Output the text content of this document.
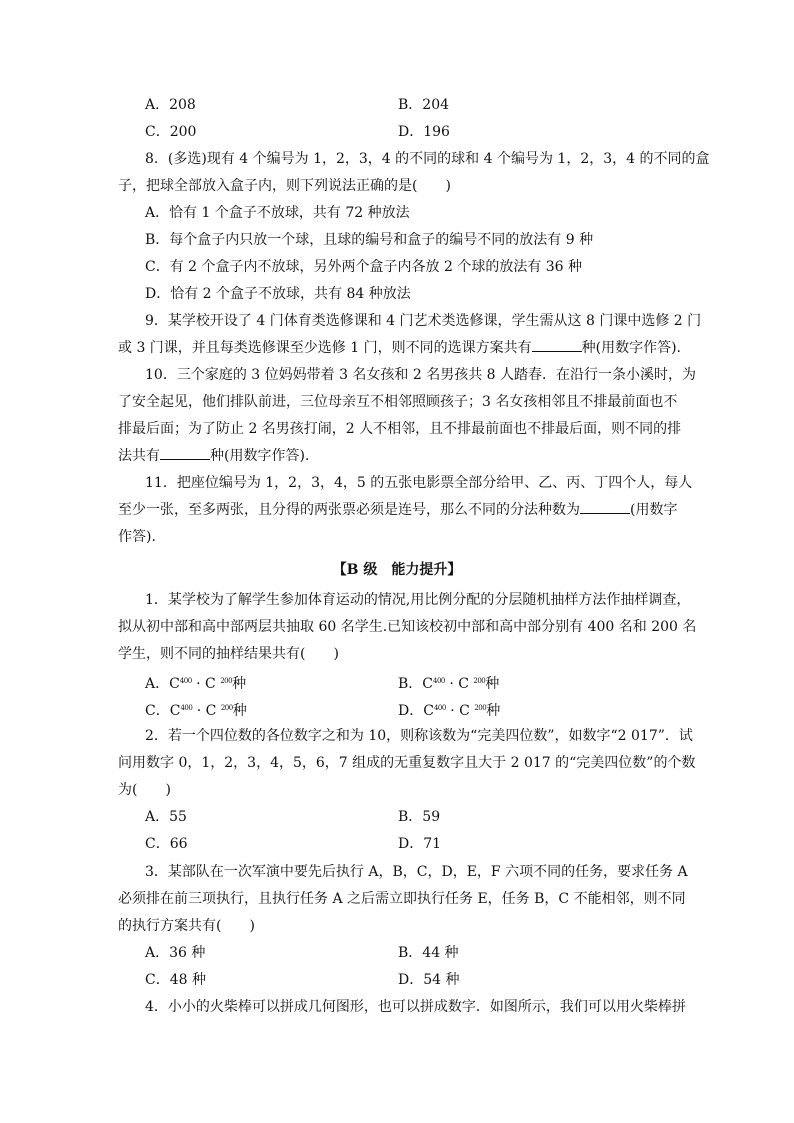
A．208	B．204
C．200	D．196
8．(多选)现有 4 个编号为 1，2，3，4 的不同的球和 4 个编号为 1，2，3，4 的不同的盒
子，把球全部放入盒子内，则下列说法正确的是(　　)
A．恰有 1 个盒子不放球，共有 72 种放法
B．每个盒子内只放一个球，且球的编号和盒子的编号不同的放法有 9 种
C．有 2 个盒子内不放球，另外两个盒子内各放 2 个球的放法有 36 种
D．恰有 2 个盒子不放球，共有 84 种放法
9．某学校开设了 4 门体育类选修课和 4 门艺术类选修课，学生需从这 8 门课中选修 2 门
或 3 门课，并且每类选修课至少选修 1 门，则不同的选课方案共有	种(用数字作答).
10．三个家庭的 3 位妈妈带着 3 名女孩和 2 名男孩共 8 人踏春．在沿行一条小溪时，为
了安全起见，他们排队前进，三位母亲互不相邻照顾孩子；3 名女孩相邻且不排最前面也不
排最后面；为了防止 2 名男孩打闹，2 人不相邻，且不排最前面也不排最后面，则不同的排
法共有	种(用数字作答).
11．把座位编号为 1，2，3，4，5 的五张电影票全部分给甲、乙、丙、丁四个人，每人
至少一张，至多两张，且分得的两张票必须是连号，那么不同的分法种数为	(用数字
作答).
【B 级　能力提升】
1．某学校为了解学生参加体育运动的情况,用比例分配的分层随机抽样方法作抽样调查，
拟从初中部和高中部两层共抽取 60 名学生.已知该校初中部和高中部分别有 400 名和 200 名
学生，则不同的抽样结果共有(　　)
A．$C^{400} \cdot C$ $^{200}$种	B．$C^{400} \cdot C$ $^{200}$种
C．$C^{400} \cdot C$ $^{200}$种	D．$C^{400} \cdot C$ $^{200}$种
2．若一个四位数的各位数字之和为 10，则称该数为“完美四位数”，如数字“2 017”．试
问用数字 0，1，2，3，4，5，6，7 组成的无重复数字且大于 2 017 的“完美四位数”的个数
为(　　)
A．55	B．59
C．66	D．71
3．某部队在一次军演中要先后执行 A，B，C，D，E，F 六项不同的任务，要求任务 A
必须排在前三项执行，且执行任务 A 之后需立即执行任务 E，任务 B，C 不能相邻，则不同
的执行方案共有(　　)
A．36 种	B．44 种
C．48 种	D．54 种
4．小小的火柴棒可以拼成几何图形，也可以拼成数字．如图所示，我们可以用火柴棒拼
